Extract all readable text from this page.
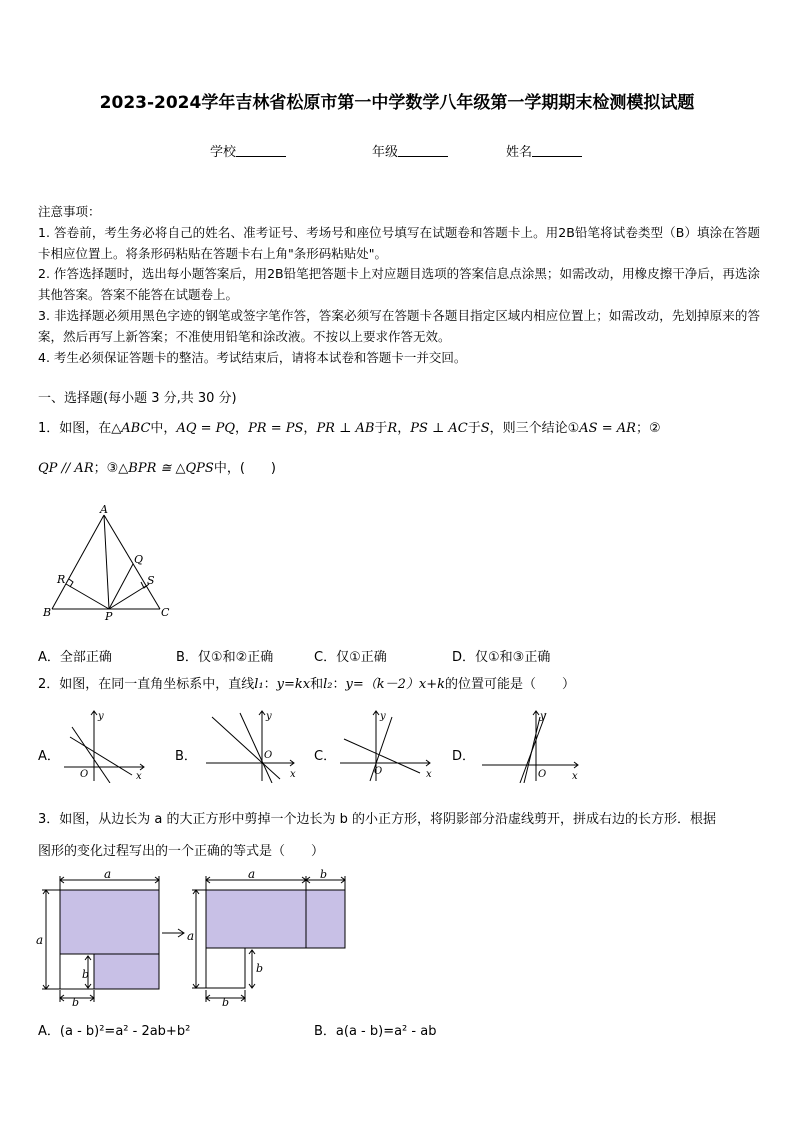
2023-2024学年吉林省松原市第一中学数学八年级第一学期期末检测模拟试题
学校	年级	姓名

注意事项：

1. 答卷前，考生务必将自己的姓名、准考证号、考场号和座位号填写在试题卷和答题卡上。用2B铅笔将试卷类型（B）填涂在答题卡相应位置上。将条形码粘贴在答题卡右上角"条形码粘贴处"。

2. 作答选择题时，选出每小题答案后，用2B铅笔把答题卡上对应题目选项的答案信息点涂黑；如需改动，用橡皮擦干净后，再选涂其他答案。答案不能答在试题卷上。

3. 非选择题必须用黑色字迹的钢笔或签字笔作答，答案必须写在答题卡各题目指定区域内相应位置上；如需改动，先划掉原来的答案，然后再写上新答案；不准使用铅笔和涂改液。不按以上要求作答无效。

4. 考生必须保证答题卡的整洁。考试结束后，请将本试卷和答题卡一并交回。

一、选择题(每小题 3 分,共 30 分)
1．如图，在△ABC中，AQ = PQ，PR = PS，PR ⊥ AB于R，PS ⊥ AC于S，则三个结论①AS = AR；②
QP // AR；③△BPR ≅ △QPS中，(　　)
A
B	C
P
Q
R	S
A．全部正确	B．仅①和②正确	C．仅①正确	D．仅①和③正确
2．如图，在同一直角坐标系中，直线l₁：y=kx和l₂：y=（k－2）x+k的位置可能是（　　）
A．	B．	C．	D．
y
x
O
y
x
O
y
x
O
y
x
O
3．如图，从边长为 a 的大正方形中剪掉一个边长为 b 的小正方形，将阴影部分沿虚线剪开，拼成右边的长方形．根据
图形的变化过程写出的一个正确的等式是（　　）
a
a
b
b
a	b
a
b
b
A．(a - b)²=a² - 2ab+b²	B．a(a - b)=a² - ab
